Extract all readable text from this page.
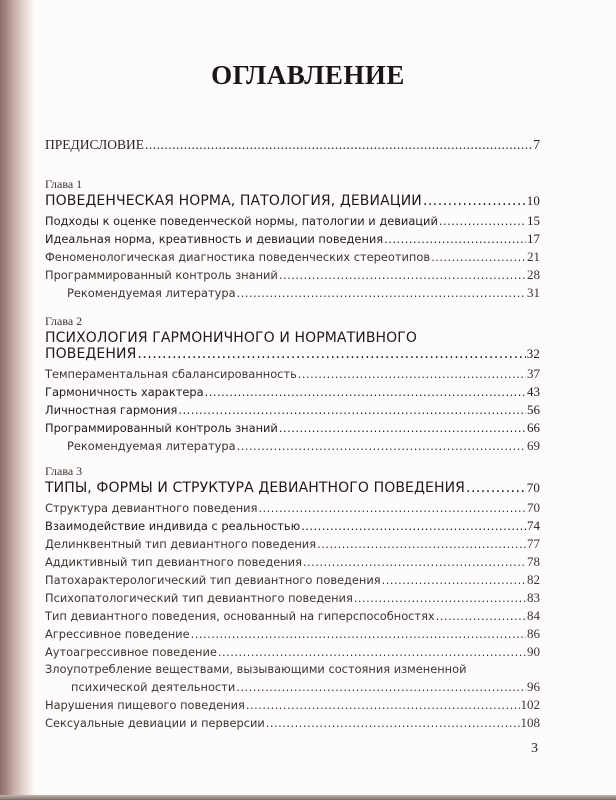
ОГЛАВЛЕНИЕ
ПРЕДИСЛОВИЕ .....	7
Глава 1
ПОВЕДЕНЧЕСКАЯ НОРМА, ПАТОЛОГИЯ, ДЕВИАЦИИ .....	10
Подходы к оценке поведенческой нормы, патологии и девиаций .....	15
Идеальная норма, креативность и девиации поведения .....	17
Феноменологическая диагностика поведенческих стереотипов .....	21
Программированный контроль знаний .....	28
Рекомендуемая литература .....	31
Глава 2
ПСИХОЛОГИЯ ГАРМОНИЧНОГО И НОРМАТИВНОГО
ПОВЕДЕНИЯ .....	32
Темпераментальная сбалансированность .....	37
Гармоничность характера .....	43
Личностная гармония .....	56
Программированный контроль знаний .....	66
Рекомендуемая литература .....	69
Глава 3
ТИПЫ, ФОРМЫ И СТРУКТУРА ДЕВИАНТНОГО ПОВЕДЕНИЯ .....	70
Структура девиантного поведения .....	70
Взаимодействие индивида с реальностью .....	74
Делинквентный тип девиантного поведения .....	77
Аддиктивный тип девиантного поведения .....	78
Патохарактерологический тип девиантного поведения .....	82
Психопатологический тип девиантного поведения .....	83
Тип девиантного поведения, основанный на гиперспособностях .....	84
Агрессивное поведение .....	86
Аутоагрессивное поведение .....	90
Злоупотребление веществами, вызывающими состояния измененной
психической деятельности .....	96
Нарушения пищевого поведения .....	102
Сексуальные девиации и перверсии .....	108
3
